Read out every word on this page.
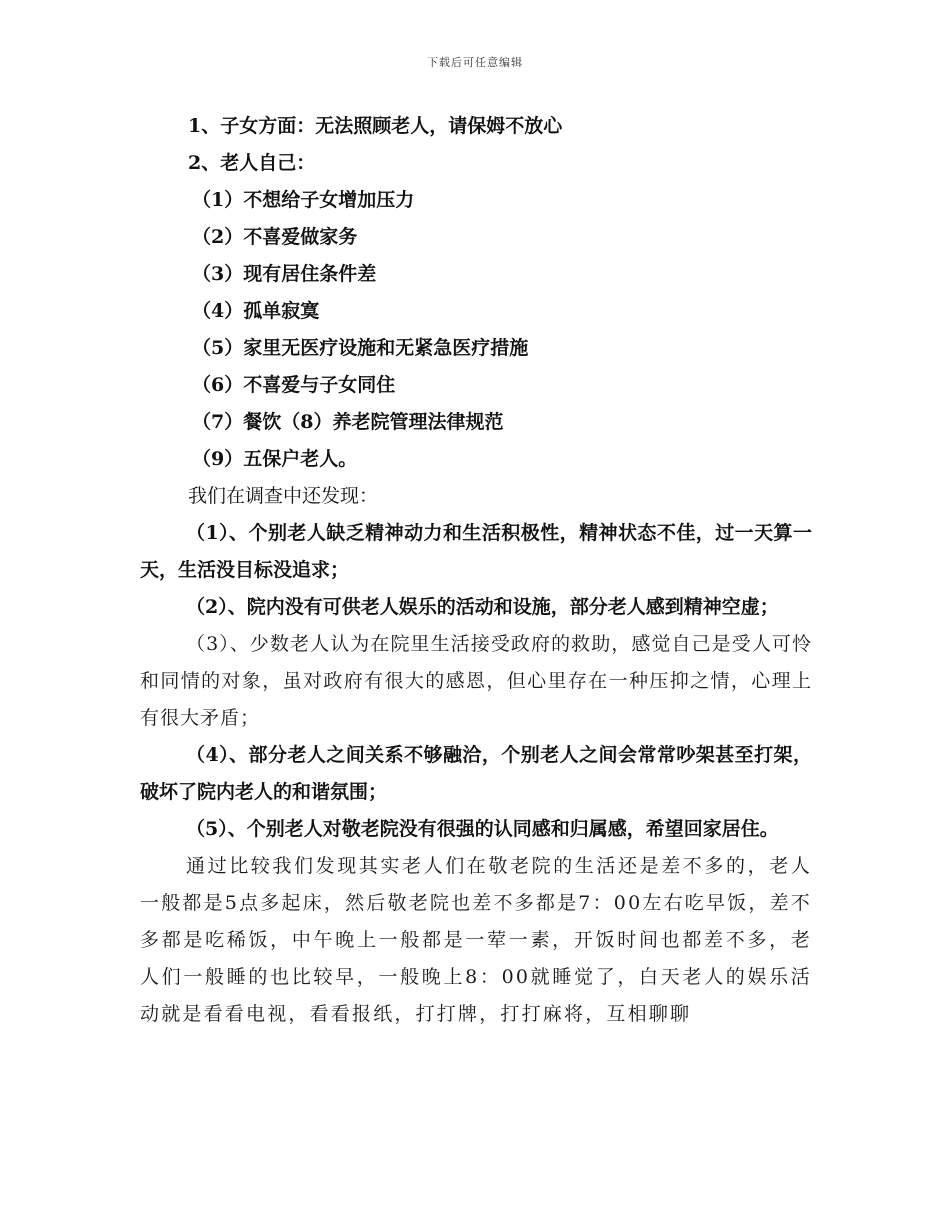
下载后可任意编辑
1、子女方面：无法照顾老人，请保姆不放心
2、老人自己：
（1）不想给子女增加压力
（2）不喜爱做家务
（3）现有居住条件差
（4）孤单寂寞
（5）家里无医疗设施和无紧急医疗措施
（6）不喜爱与子女同住
（7）餐饮（8）养老院管理法律规范
（9）五保户老人。
我们在调查中还发现：

（1）、个别老人缺乏精神动力和生活积极性，精神状态不佳，过一天算一天，生活没目标没追求；

（2）、院内没有可供老人娱乐的活动和设施，部分老人感到精神空虚；

（3）、少数老人认为在院里生活接受政府的救助，感觉自己是受人可怜和同情的对象，虽对政府有很大的感恩，但心里存在一种压抑之情，心理上有很大矛盾；

（4）、部分老人之间关系不够融洽，个别老人之间会常常吵架甚至打架，破坏了院内老人的和谐氛围；

（5）、个别老人对敬老院没有很强的认同感和归属感，希望回家居住。

通过比较我们发现其实老人们在敬老院的生活还是差不多的，老人一般都是5点多起床，然后敬老院也差不多都是7：00左右吃早饭，差不多都是吃稀饭，中午晚上一般都是一荤一素，开饭时间也都差不多，老人们一般睡的也比较早，一般晚上8：00就睡觉了，白天老人的娱乐活动就是看看电视，看看报纸，打打牌，打打麻将，互相聊聊
